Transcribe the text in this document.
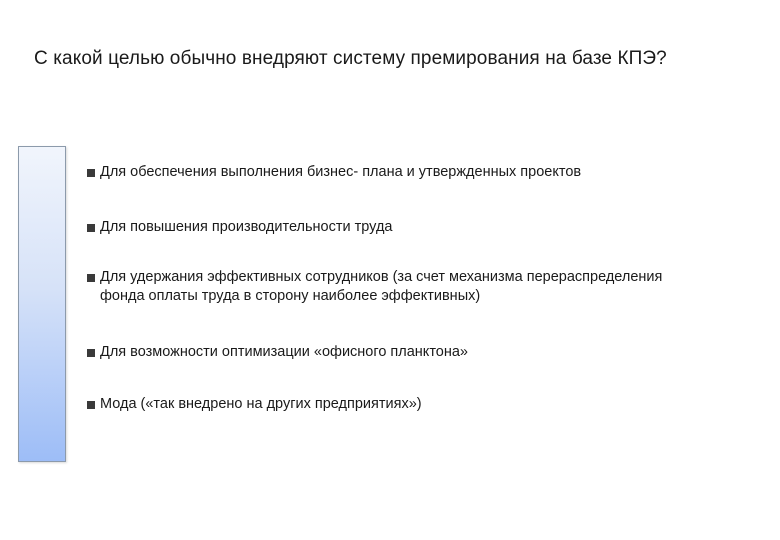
С какой целью обычно внедряют систему премирования на базе КПЭ?
Для обеспечения выполнения бизнес- плана и утвержденных проектов
Для повышения производительности труда
Для удержания эффективных сотрудников (за счет механизма перераспределения фонда оплаты труда в сторону наиболее эффективных)
Для возможности оптимизации «офисного планктона»
Мода («так внедрено на других предприятиях»)
